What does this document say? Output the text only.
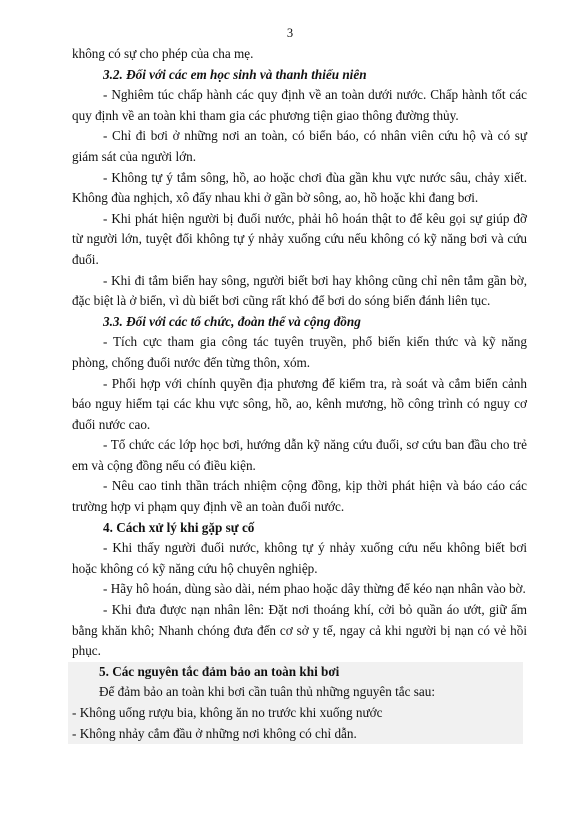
3

không có sự cho phép của cha mẹ.

3.2. Đối với các em học sinh và thanh thiếu niên

- Nghiêm túc chấp hành các quy định về an toàn dưới nước. Chấp hành tốt các quy định về an toàn khi tham gia các phương tiện giao thông đường thủy.

- Chỉ đi bơi ở những nơi an toàn, có biển báo, có nhân viên cứu hộ và có sự giám sát của người lớn.

- Không tự ý tắm sông, hồ, ao hoặc chơi đùa gần khu vực nước sâu, chảy xiết. Không đùa nghịch, xô đẩy nhau khi ở gần bờ sông, ao, hồ hoặc khi đang bơi.

- Khi phát hiện người bị đuối nước, phải hô hoán thật to để kêu gọi sự giúp đỡ từ người lớn, tuyệt đối không tự ý nhảy xuống cứu nếu không có kỹ năng bơi và cứu đuối.

- Khi đi tắm biển hay sông, người biết bơi hay không cũng chỉ nên tắm gần bờ, đặc biệt là ở biển, vì dù biết bơi cũng rất khó để bơi do sóng biển đánh liên tục.

3.3. Đối với các tổ chức, đoàn thể và cộng đồng

- Tích cực tham gia công tác tuyên truyền, phổ biến kiến thức và kỹ năng phòng, chống đuối nước đến từng thôn, xóm.

- Phối hợp với chính quyền địa phương để kiểm tra, rà soát và cắm biển cảnh báo nguy hiểm tại các khu vực sông, hồ, ao, kênh mương, hồ công trình có nguy cơ đuối nước cao.

- Tổ chức các lớp học bơi, hướng dẫn kỹ năng cứu đuối, sơ cứu ban đầu cho trẻ em và cộng đồng nếu có điều kiện.

- Nêu cao tinh thần trách nhiệm cộng đồng, kịp thời phát hiện và báo cáo các trường hợp vi phạm quy định về an toàn đuối nước.

4. Cách xử lý khi gặp sự cố

- Khi thấy người đuối nước, không tự ý nhảy xuống cứu nếu không biết bơi hoặc không có kỹ năng cứu hộ chuyên nghiệp.

- Hãy hô hoán, dùng sào dài, ném phao hoặc dây thừng để kéo nạn nhân vào bờ.

- Khi đưa được nạn nhân lên: Đặt nơi thoáng khí, cởi bỏ quần áo ướt, giữ ấm bằng khăn khô; Nhanh chóng đưa đến cơ sở y tế, ngay cả khi người bị nạn có vẻ hồi phục.

5. Các nguyên tắc đảm bảo an toàn khi bơi

Để đảm bảo an toàn khi bơi cần tuân thủ những nguyên tắc sau:

- Không uống rượu bia, không ăn no trước khi xuống nước

- Không nhảy cắm đầu ở những nơi không có chỉ dẫn.
